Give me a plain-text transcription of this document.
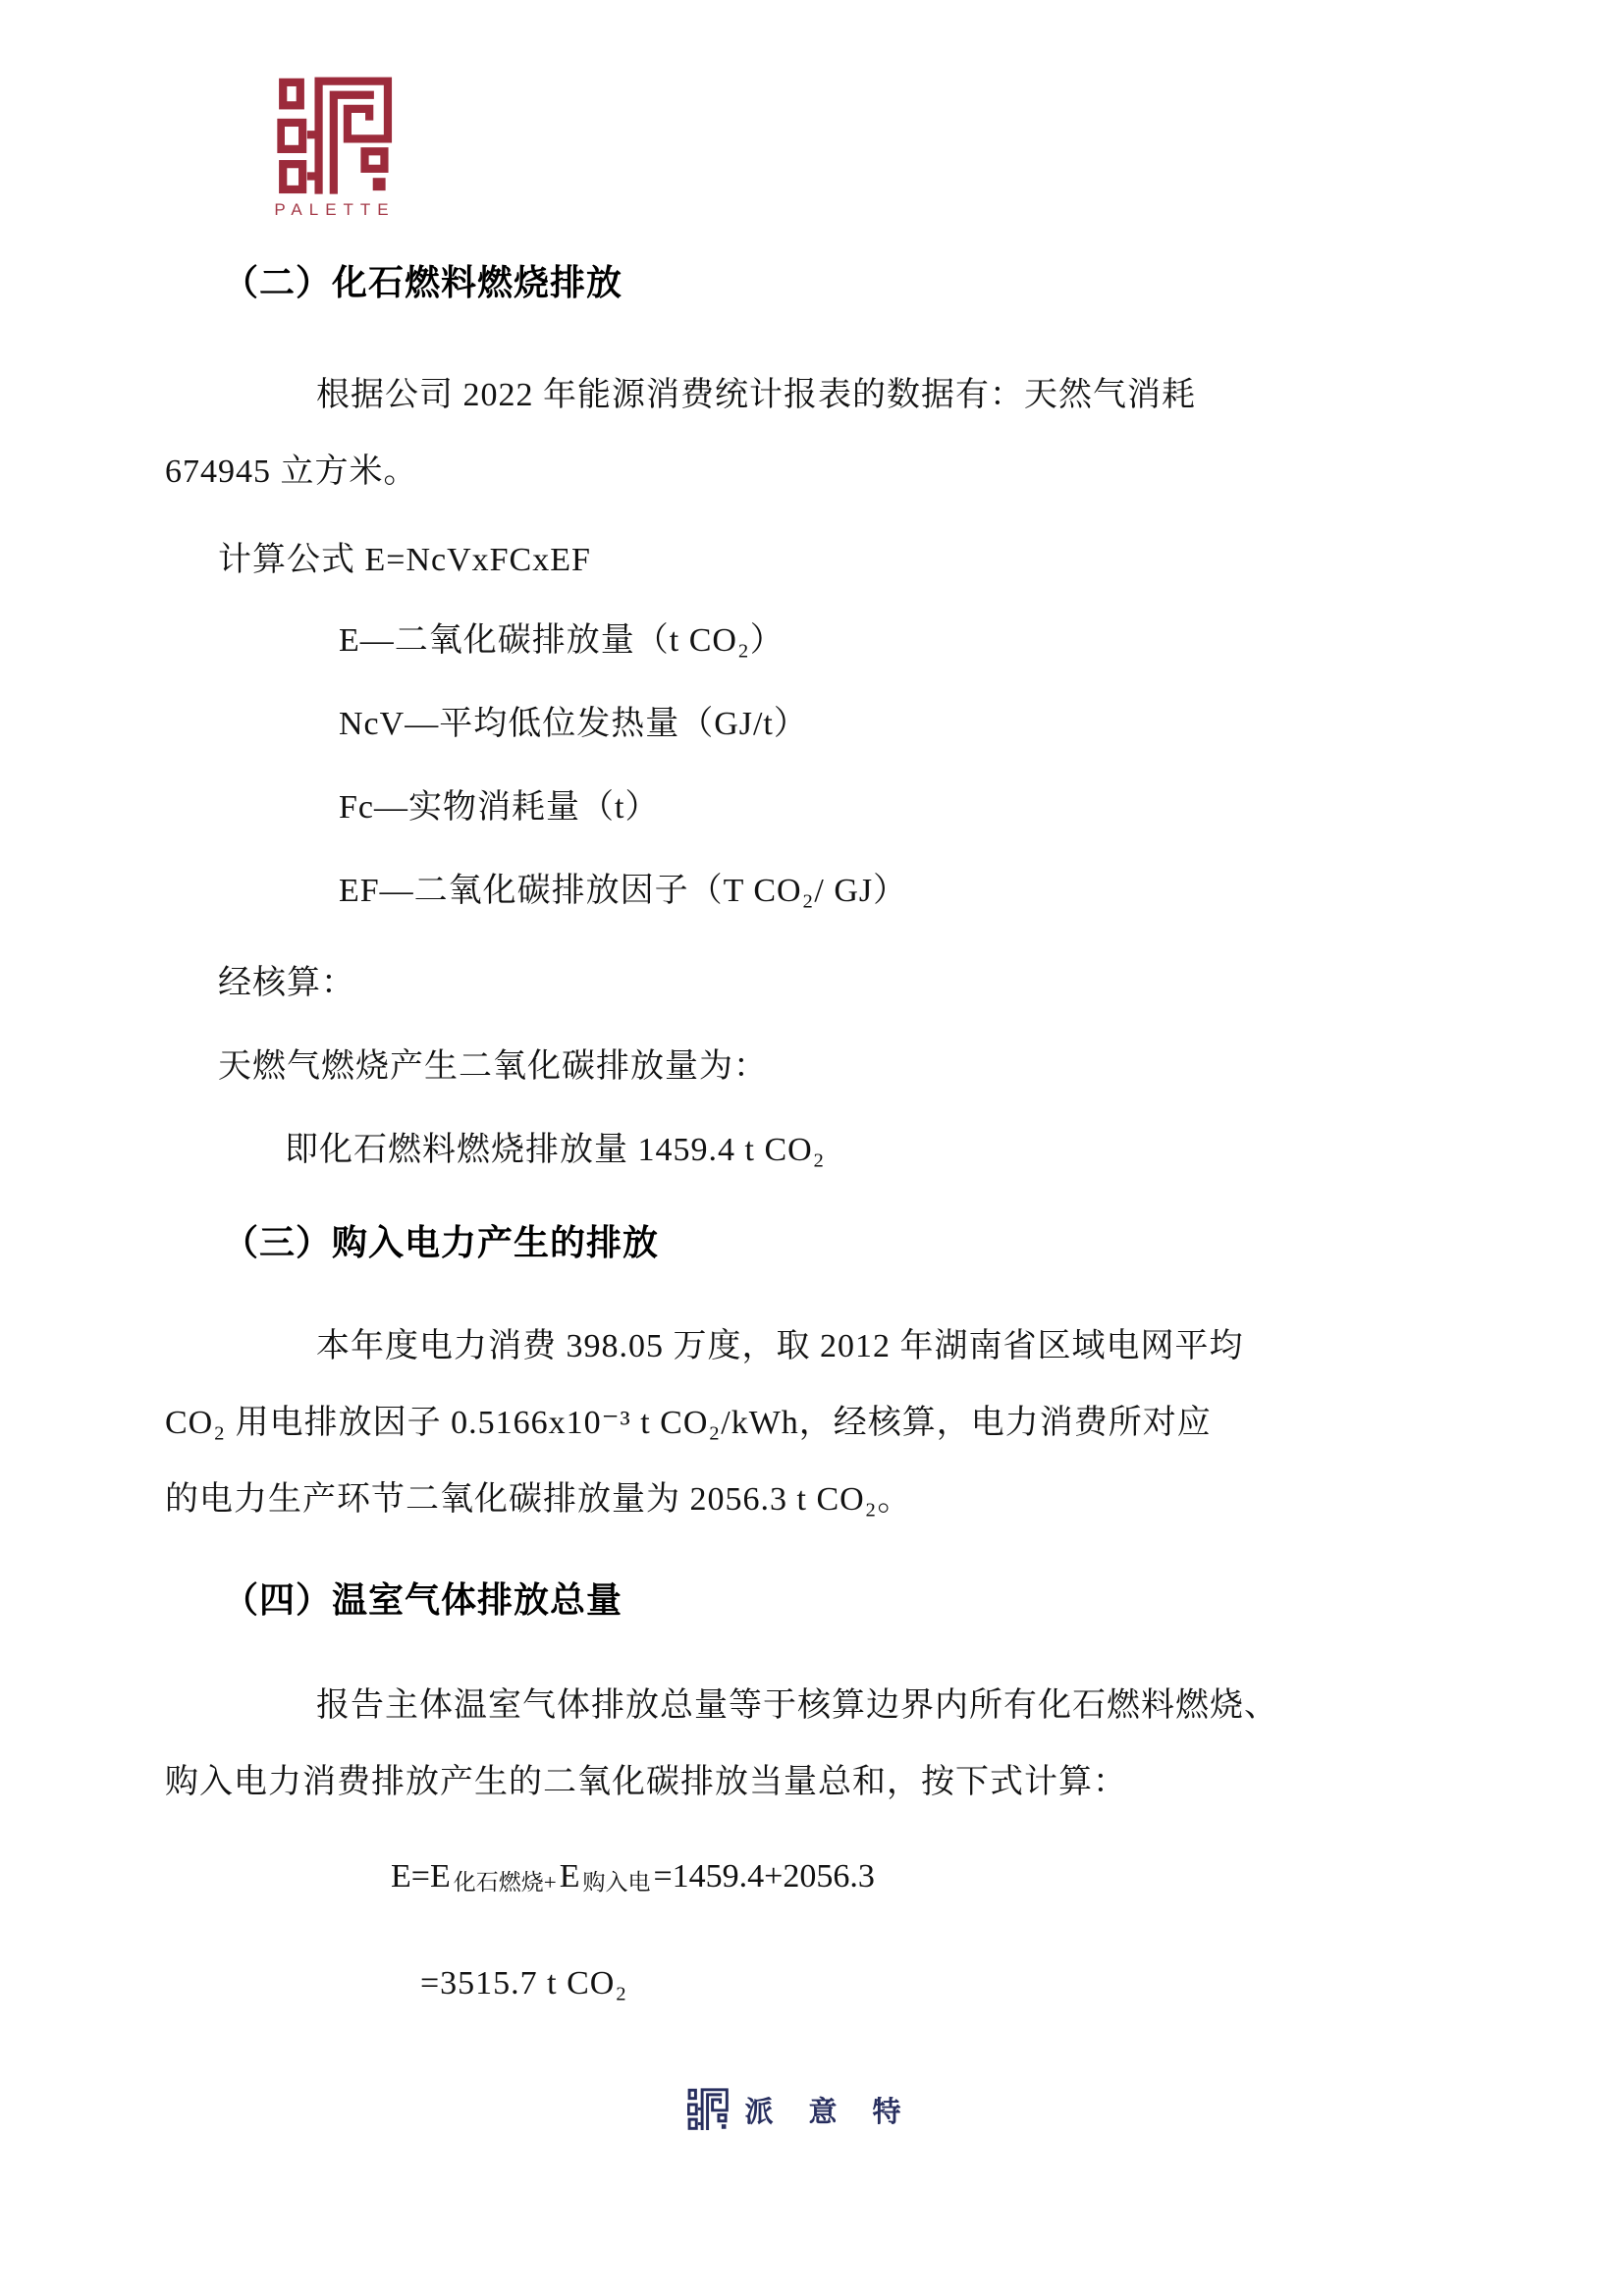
PALETTE
（二）化石燃料燃烧排放
根据公司 2022 年能源消费统计报表的数据有：天然气消耗
674945 立方米。
计算公式 E=NcVxFCxEF
E—二氧化碳排放量（t CO₂）
NcV—平均低位发热量（GJ/t）
Fc—实物消耗量（t）
EF—二氧化碳排放因子（T CO₂/ GJ）
经核算：
天燃气燃烧产生二氧化碳排放量为：
即化石燃料燃烧排放量 1459.4 t CO₂
（三）购入电力产生的排放
本年度电力消费 398.05 万度，取 2012 年湖南省区域电网平均
CO₂ 用电排放因子 0.5166x10⁻³ t CO₂/kWh，经核算，电力消费所对应
的电力生产环节二氧化碳排放量为 2056.3 t CO₂。
（四）温室气体排放总量
报告主体温室气体排放总量等于核算边界内所有化石燃料燃烧、
购入电力消费排放产生的二氧化碳排放当量总和，按下式计算：
E=E 化石燃烧+E 购入电=1459.4+2056.3
=3515.7 t CO₂
派意特
